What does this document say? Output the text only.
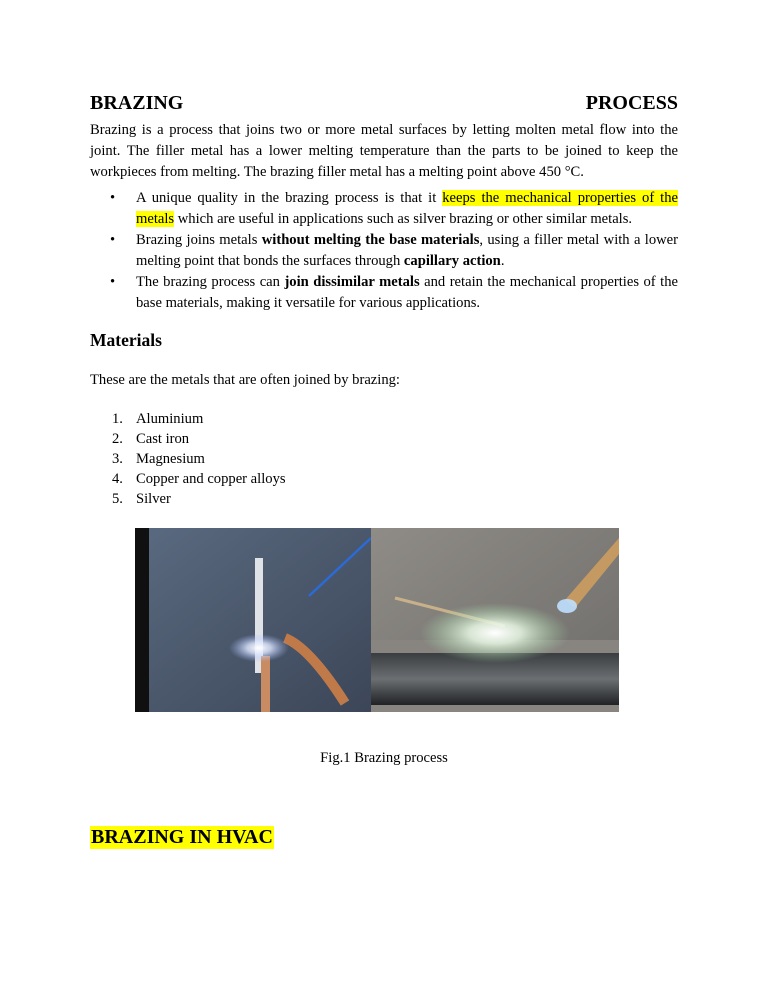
BRAZING	PROCESS

Brazing is a process that joins two or more metal surfaces by letting molten metal flow into the joint. The filler metal has a lower melting temperature than the parts to be joined to keep the workpieces from melting. The brazing filler metal has a melting point above 450 °C.

• A unique quality in the brazing process is that it keeps the mechanical properties of the metals which are useful in applications such as silver brazing or other similar metals.
• Brazing joins metals without melting the base materials, using a filler metal with a lower melting point that bonds the surfaces through capillary action.
• The brazing process can join dissimilar metals and retain the mechanical properties of the base materials, making it versatile for various applications.
Materials
These are the metals that are often joined by brazing:
1. Aluminium
2. Cast iron
3. Magnesium
4. Copper and copper alloys
5. Silver
Fig.1 Brazing process
BRAZING IN HVAC
